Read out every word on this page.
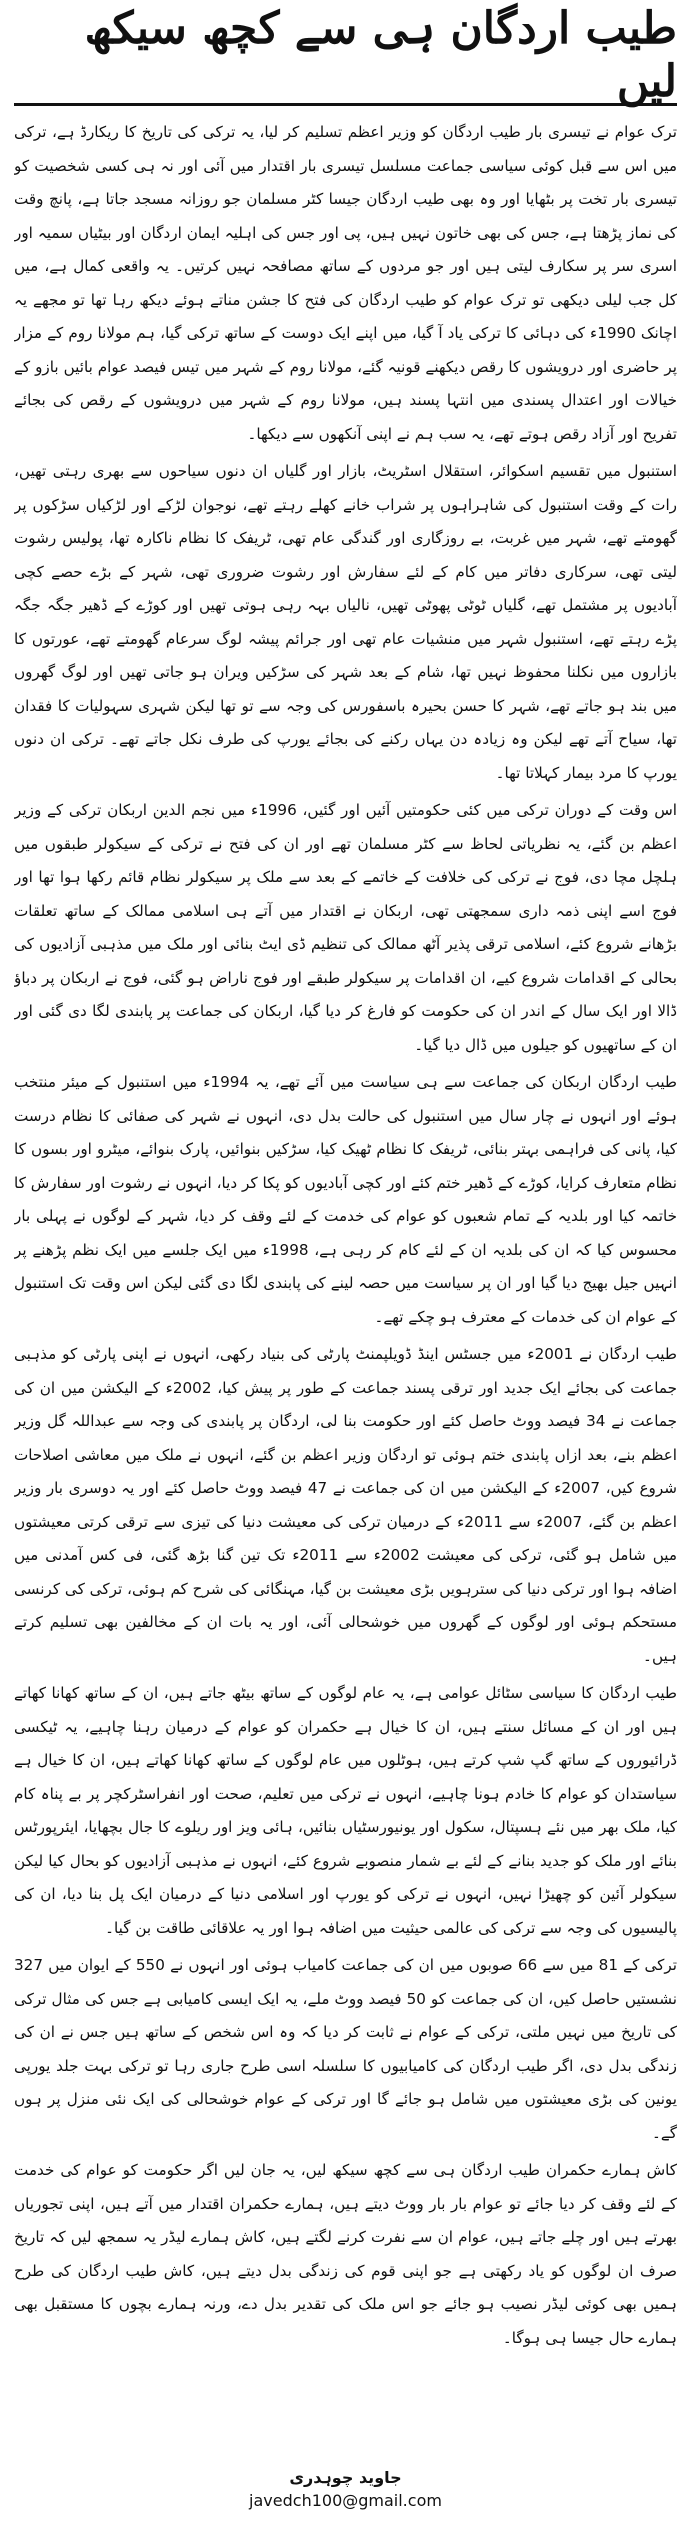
طیب اردگان ہی سے کچھ سیکھ لیں

ترک عوام نے تیسری بار طیب اردگان کو وزیر اعظم تسلیم کر لیا، یہ ترکی کی تاریخ کا ریکارڈ ہے، ترکی میں اس سے قبل کوئی سیاسی جماعت مسلسل تیسری بار اقتدار میں آئی اور نہ ہی کسی شخصیت کو تیسری بار تخت پر بٹھایا اور وہ بھی طیب اردگان جیسا کٹر مسلمان جو روزانہ مسجد جاتا ہے، پانچ وقت کی نماز پڑھتا ہے، جس کی بھی خاتون نہیں ہیں، پی اور جس کی اہلیہ ایمان اردگان اور بیٹیاں سمیہ اور اسری سر پر سکارف لیتی ہیں اور جو مردوں کے ساتھ مصافحہ نہیں کرتیں۔ یہ واقعی کمال ہے، میں کل جب لیلی دیکھی تو ترک عوام کو طیب اردگان کی فتح کا جشن مناتے ہوئے دیکھ رہا تھا تو مجھے یہ اچانک 1990ء کی دہائی کا ترکی یاد آ گیا، میں اپنے ایک دوست کے ساتھ ترکی گیا، ہم مولانا روم کے مزار پر حاضری اور درویشوں کا رقص دیکھنے قونیہ گئے، مولانا روم کے شہر میں تیس فیصد عوام بائیں بازو کے خیالات اور اعتدال پسندی میں انتہا پسند ہیں، مولانا روم کے شہر میں درویشوں کے رقص کی بجائے تفریح اور آزاد رقص ہوتے تھے، یہ سب ہم نے اپنی آنکھوں سے دیکھا۔

استنبول میں تقسیم اسکوائر، استقلال اسٹریٹ، بازار اور گلیاں ان دنوں سیاحوں سے بھری رہتی تھیں، رات کے وقت استنبول کی شاہراہوں پر شراب خانے کھلے رہتے تھے، نوجوان لڑکے اور لڑکیاں سڑکوں پر گھومتے تھے، شہر میں غربت، بے روزگاری اور گندگی عام تھی، ٹریفک کا نظام ناکارہ تھا، پولیس رشوت لیتی تھی، سرکاری دفاتر میں کام کے لئے سفارش اور رشوت ضروری تھی، شہر کے بڑے حصے کچی آبادیوں پر مشتمل تھے، گلیاں ٹوٹی پھوٹی تھیں، نالیاں بہہ رہی ہوتی تھیں اور کوڑے کے ڈھیر جگہ جگہ پڑے رہتے تھے، استنبول شہر میں منشیات عام تھی اور جرائم پیشہ لوگ سرعام گھومتے تھے، عورتوں کا بازاروں میں نکلنا محفوظ نہیں تھا، شام کے بعد شہر کی سڑکیں ویران ہو جاتی تھیں اور لوگ گھروں میں بند ہو جاتے تھے، شہر کا حسن بحیرہ باسفورس کی وجہ سے تو تھا لیکن شہری سہولیات کا فقدان تھا، سیاح آتے تھے لیکن وہ زیادہ دن یہاں رکنے کی بجائے یورپ کی طرف نکل جاتے تھے۔ ترکی ان دنوں یورپ کا مرد بیمار کہلاتا تھا۔

اس وقت کے دوران ترکی میں کئی حکومتیں آئیں اور گئیں، 1996ء میں نجم الدین اربکان ترکی کے وزیر اعظم بن گئے، یہ نظریاتی لحاظ سے کٹر مسلمان تھے اور ان کی فتح نے ترکی کے سیکولر طبقوں میں ہلچل مچا دی، فوج نے ترکی کی خلافت کے خاتمے کے بعد سے ملک پر سیکولر نظام قائم رکھا ہوا تھا اور فوج اسے اپنی ذمہ داری سمجھتی تھی، اربکان نے اقتدار میں آتے ہی اسلامی ممالک کے ساتھ تعلقات بڑھانے شروع کئے، اسلامی ترقی پذیر آٹھ ممالک کی تنظیم ڈی ایٹ بنائی اور ملک میں مذہبی آزادیوں کی بحالی کے اقدامات شروع کیے، ان اقدامات پر سیکولر طبقے اور فوج ناراض ہو گئی، فوج نے اربکان پر دباؤ ڈالا اور ایک سال کے اندر ان کی حکومت کو فارغ کر دیا گیا، اربکان کی جماعت پر پابندی لگا دی گئی اور ان کے ساتھیوں کو جیلوں میں ڈال دیا گیا۔

طیب اردگان اربکان کی جماعت سے ہی سیاست میں آئے تھے، یہ 1994ء میں استنبول کے میئر منتخب ہوئے اور انہوں نے چار سال میں استنبول کی حالت بدل دی، انہوں نے شہر کی صفائی کا نظام درست کیا، پانی کی فراہمی بہتر بنائی، ٹریفک کا نظام ٹھیک کیا، سڑکیں بنوائیں، پارک بنوائے، میٹرو اور بسوں کا نظام متعارف کرایا، کوڑے کے ڈھیر ختم کئے اور کچی آبادیوں کو پکا کر دیا، انہوں نے رشوت اور سفارش کا خاتمہ کیا اور بلدیہ کے تمام شعبوں کو عوام کی خدمت کے لئے وقف کر دیا، شہر کے لوگوں نے پہلی بار محسوس کیا کہ ان کی بلدیہ ان کے لئے کام کر رہی ہے، 1998ء میں ایک جلسے میں ایک نظم پڑھنے پر انہیں جیل بھیج دیا گیا اور ان پر سیاست میں حصہ لینے کی پابندی لگا دی گئی لیکن اس وقت تک استنبول کے عوام ان کی خدمات کے معترف ہو چکے تھے۔

طیب اردگان نے 2001ء میں جسٹس اینڈ ڈویلپمنٹ پارٹی کی بنیاد رکھی، انہوں نے اپنی پارٹی کو مذہبی جماعت کی بجائے ایک جدید اور ترقی پسند جماعت کے طور پر پیش کیا، 2002ء کے الیکشن میں ان کی جماعت نے 34 فیصد ووٹ حاصل کئے اور حکومت بنا لی، اردگان پر پابندی کی وجہ سے عبداللہ گل وزیر اعظم بنے، بعد ازاں پابندی ختم ہوئی تو اردگان وزیر اعظم بن گئے، انہوں نے ملک میں معاشی اصلاحات شروع کیں، 2007ء کے الیکشن میں ان کی جماعت نے 47 فیصد ووٹ حاصل کئے اور یہ دوسری بار وزیر اعظم بن گئے، 2007ء سے 2011ء کے درمیان ترکی کی معیشت دنیا کی تیزی سے ترقی کرتی معیشتوں میں شامل ہو گئی، ترکی کی معیشت 2002ء سے 2011ء تک تین گنا بڑھ گئی، فی کس آمدنی میں اضافہ ہوا اور ترکی دنیا کی سترہویں بڑی معیشت بن گیا، مہنگائی کی شرح کم ہوئی، ترکی کی کرنسی مستحکم ہوئی اور لوگوں کے گھروں میں خوشحالی آئی، اور یہ بات ان کے مخالفین بھی تسلیم کرتے ہیں۔

طیب اردگان کا سیاسی سٹائل عوامی ہے، یہ عام لوگوں کے ساتھ بیٹھ جاتے ہیں، ان کے ساتھ کھانا کھاتے ہیں اور ان کے مسائل سنتے ہیں، ان کا خیال ہے حکمران کو عوام کے درمیان رہنا چاہیے، یہ ٹیکسی ڈرائیوروں کے ساتھ گپ شپ کرتے ہیں، ہوٹلوں میں عام لوگوں کے ساتھ کھانا کھاتے ہیں، ان کا خیال ہے سیاستدان کو عوام کا خادم ہونا چاہیے، انہوں نے ترکی میں تعلیم، صحت اور انفراسٹرکچر پر بے پناہ کام کیا، ملک بھر میں نئے ہسپتال، سکول اور یونیورسٹیاں بنائیں، ہائی ویز اور ریلوے کا جال بچھایا، ایئرپورٹس بنائے اور ملک کو جدید بنانے کے لئے بے شمار منصوبے شروع کئے، انہوں نے مذہبی آزادیوں کو بحال کیا لیکن سیکولر آئین کو چھیڑا نہیں، انہوں نے ترکی کو یورپ اور اسلامی دنیا کے درمیان ایک پل بنا دیا، ان کی پالیسیوں کی وجہ سے ترکی کی عالمی حیثیت میں اضافہ ہوا اور یہ علاقائی طاقت بن گیا۔

ترکی کے 81 میں سے 66 صوبوں میں ان کی جماعت کامیاب ہوئی اور انہوں نے 550 کے ایوان میں 327 نشستیں حاصل کیں، ان کی جماعت کو 50 فیصد ووٹ ملے، یہ ایک ایسی کامیابی ہے جس کی مثال ترکی کی تاریخ میں نہیں ملتی، ترکی کے عوام نے ثابت کر دیا کہ وہ اس شخص کے ساتھ ہیں جس نے ان کی زندگی بدل دی، اگر طیب اردگان کی کامیابیوں کا سلسلہ اسی طرح جاری رہا تو ترکی بہت جلد یورپی یونین کی بڑی معیشتوں میں شامل ہو جائے گا اور ترکی کے عوام خوشحالی کی ایک نئی منزل پر ہوں گے۔

کاش ہمارے حکمران طیب اردگان ہی سے کچھ سیکھ لیں، یہ جان لیں اگر حکومت کو عوام کی خدمت کے لئے وقف کر دیا جائے تو عوام بار بار ووٹ دیتے ہیں، ہمارے حکمران اقتدار میں آتے ہیں، اپنی تجوریاں بھرتے ہیں اور چلے جاتے ہیں، عوام ان سے نفرت کرنے لگتے ہیں، کاش ہمارے لیڈر یہ سمجھ لیں کہ تاریخ صرف ان لوگوں کو یاد رکھتی ہے جو اپنی قوم کی زندگی بدل دیتے ہیں، کاش طیب اردگان کی طرح ہمیں بھی کوئی لیڈر نصیب ہو جائے جو اس ملک کی تقدیر بدل دے، ورنہ ہمارے بچوں کا مستقبل بھی ہمارے حال جیسا ہی ہوگا۔

جاوید چوہدری
javedch100@gmail.com
